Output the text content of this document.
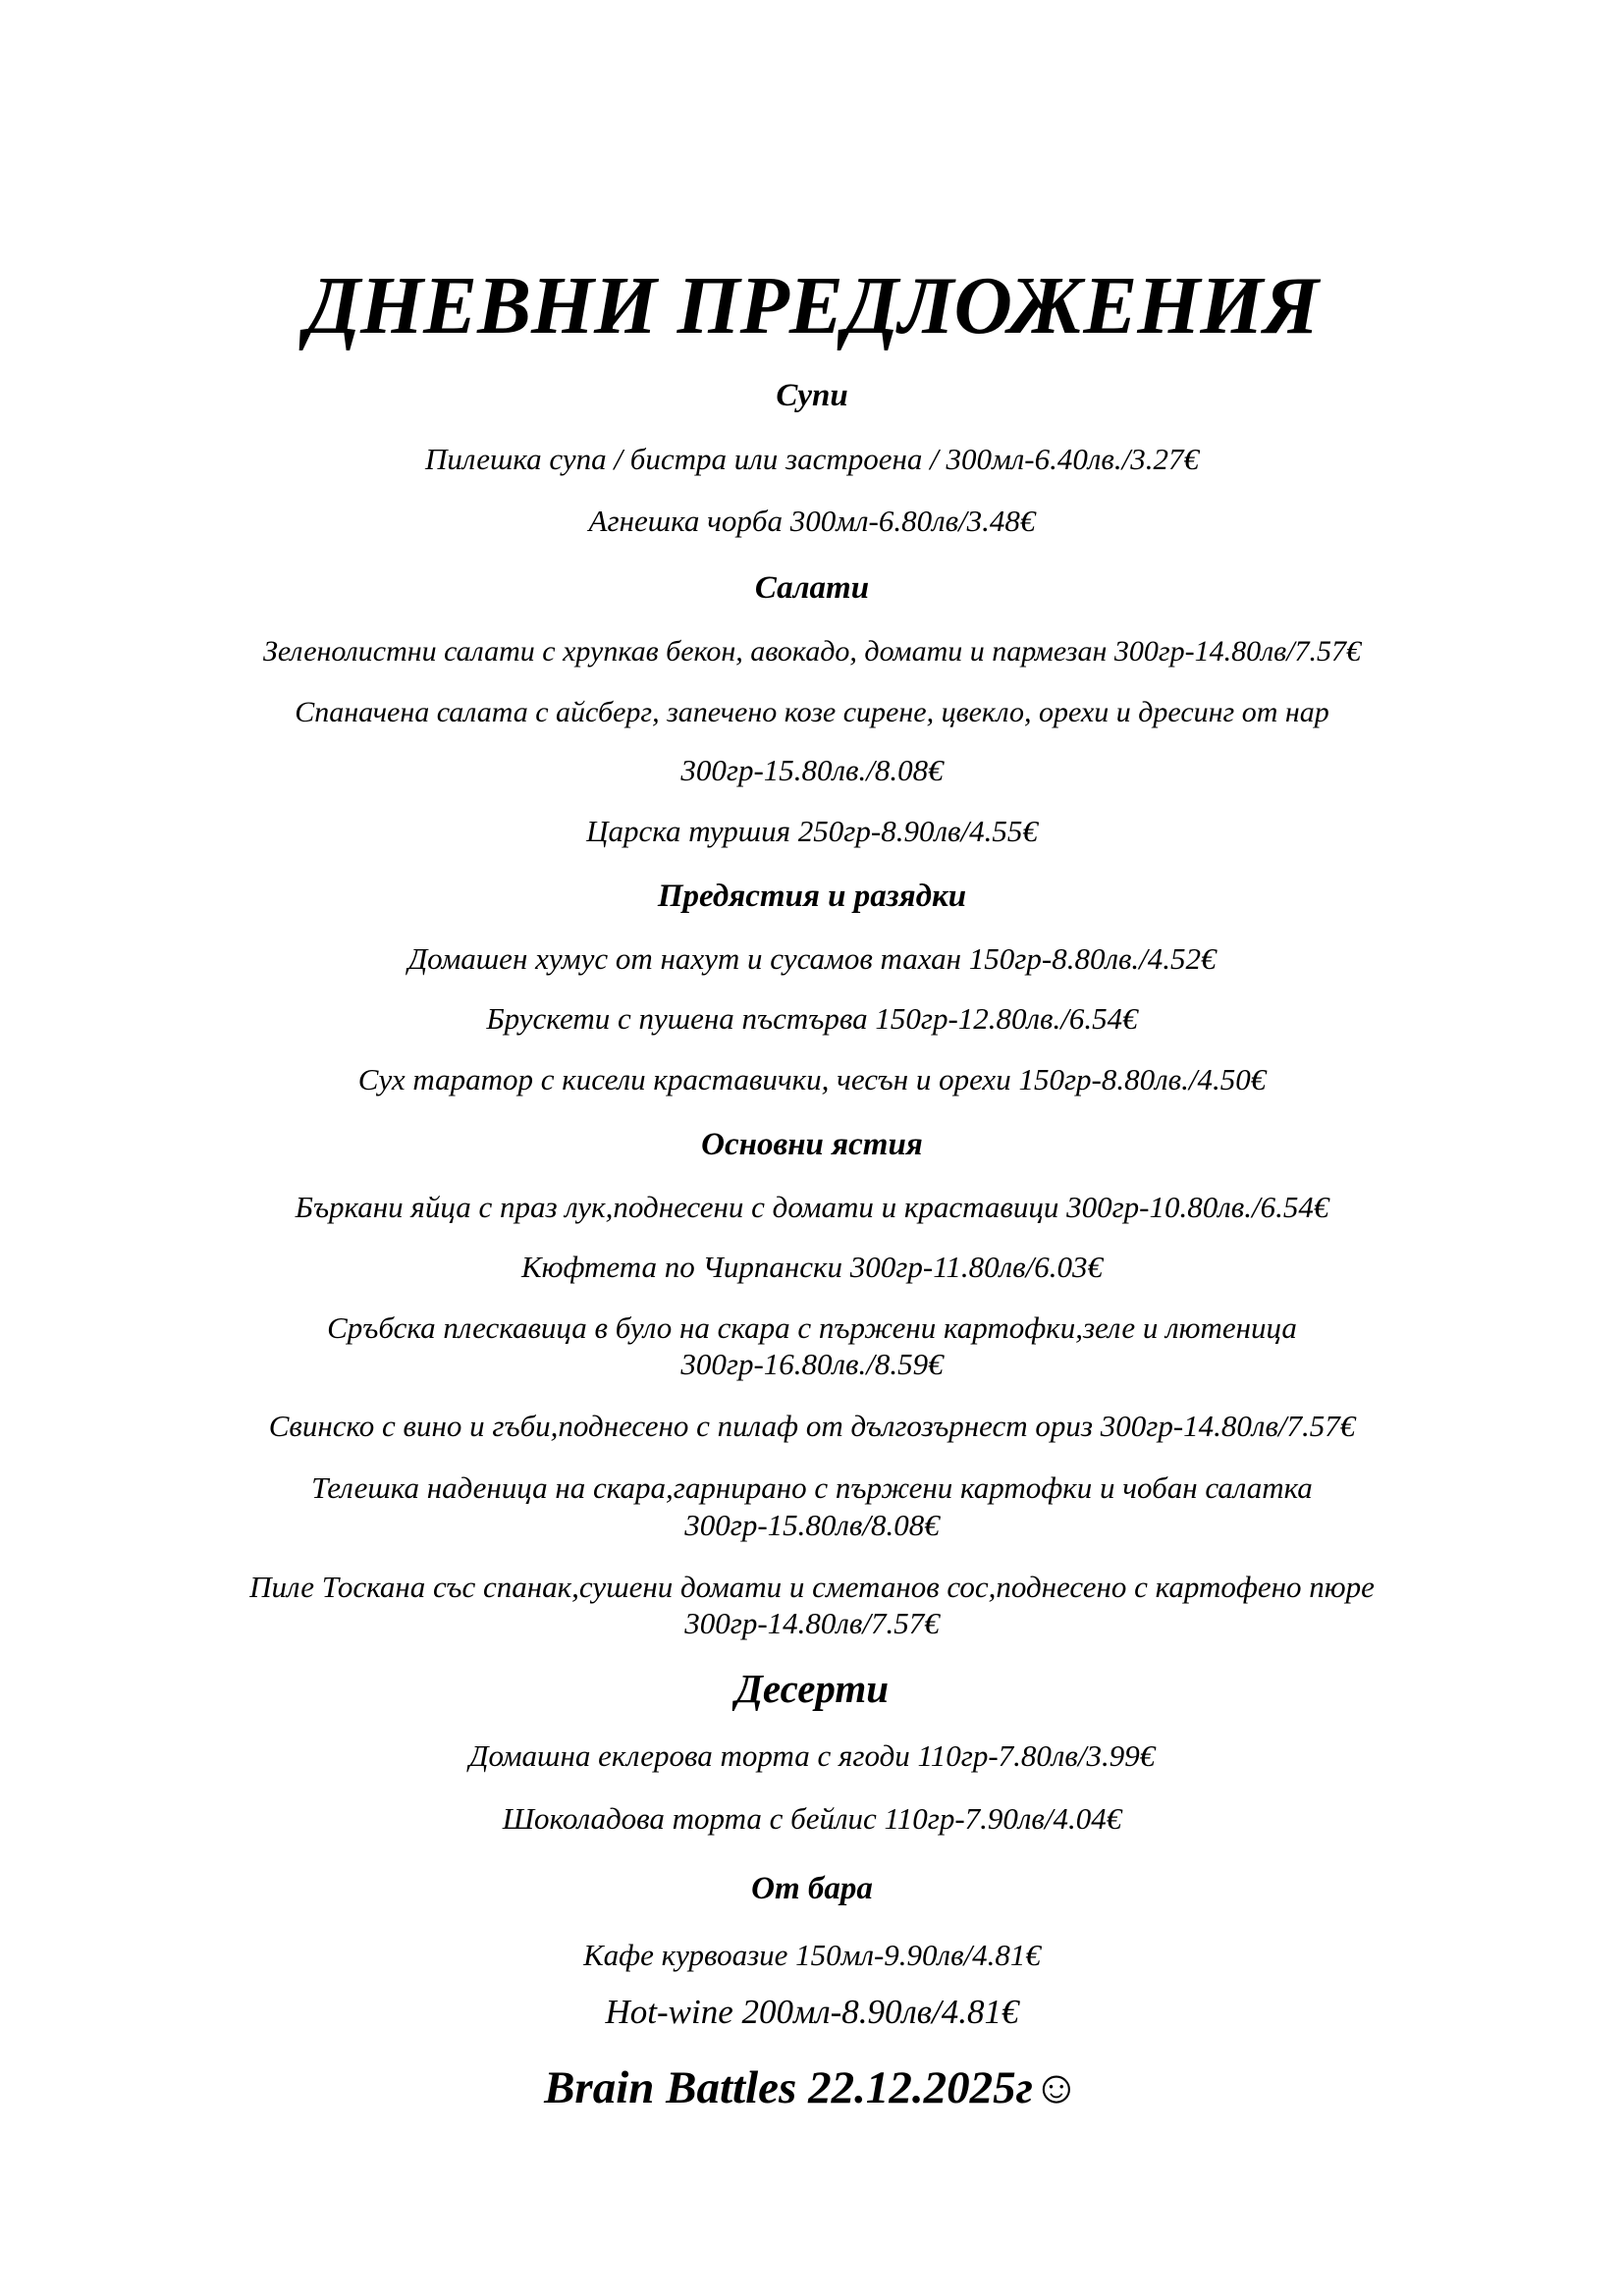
ДНЕВНИ ПРЕДЛОЖЕНИЯ
Супи
Пилешка супа / бистра или застроена / 300мл-6.40лв./3.27€
Агнешка чорба 300мл-6.80лв/3.48€
Салати
Зеленолистни салати с хрупкав бекон, авокадо, домати и пармезан 300гр-14.80лв/7.57€
Спаначена салата с айсберг, запечено козе сирене, цвекло, орехи и дресинг от нар
300гр-15.80лв./8.08€
Царска туршия 250гр-8.90лв/4.55€
Предястия и разядки
Домашен хумус от нахут и сусамов тахан 150гр-8.80лв./4.52€
Брускети с пушена пъстърва 150гр-12.80лв./6.54€
Сух таратор с кисели краставички, чесън и орехи 150гр-8.80лв./4.50€
Основни ястия
Бъркани яйца с праз лук,поднесени с домати и краставици 300гр-10.80лв./6.54€
Кюфтета по Чирпански 300гр-11.80лв/6.03€
Сръбска плескавица в було на скара с пържени картофки,зеле и лютеница
300гр-16.80лв./8.59€
Свинско с вино и гъби,поднесено с пилаф от дългозърнест ориз 300гр-14.80лв/7.57€
Телешка наденица на скара,гарнирано с пържени картофки и чобан салатка
300гр-15.80лв/8.08€
Пиле Тоскана със спанак,сушени домати и сметанов сос,поднесено с картофено пюре
300гр-14.80лв/7.57€
Десерти
Домашна еклерова торта с ягоди 110гр-7.80лв/3.99€
Шоколадова торта с бейлис 110гр-7.90лв/4.04€
От бара
Кафе курвоазие 150мл-9.90лв/4.81€
Hot-wine 200мл-8.90лв/4.81€
Brain Battles 22.12.2025г☺
